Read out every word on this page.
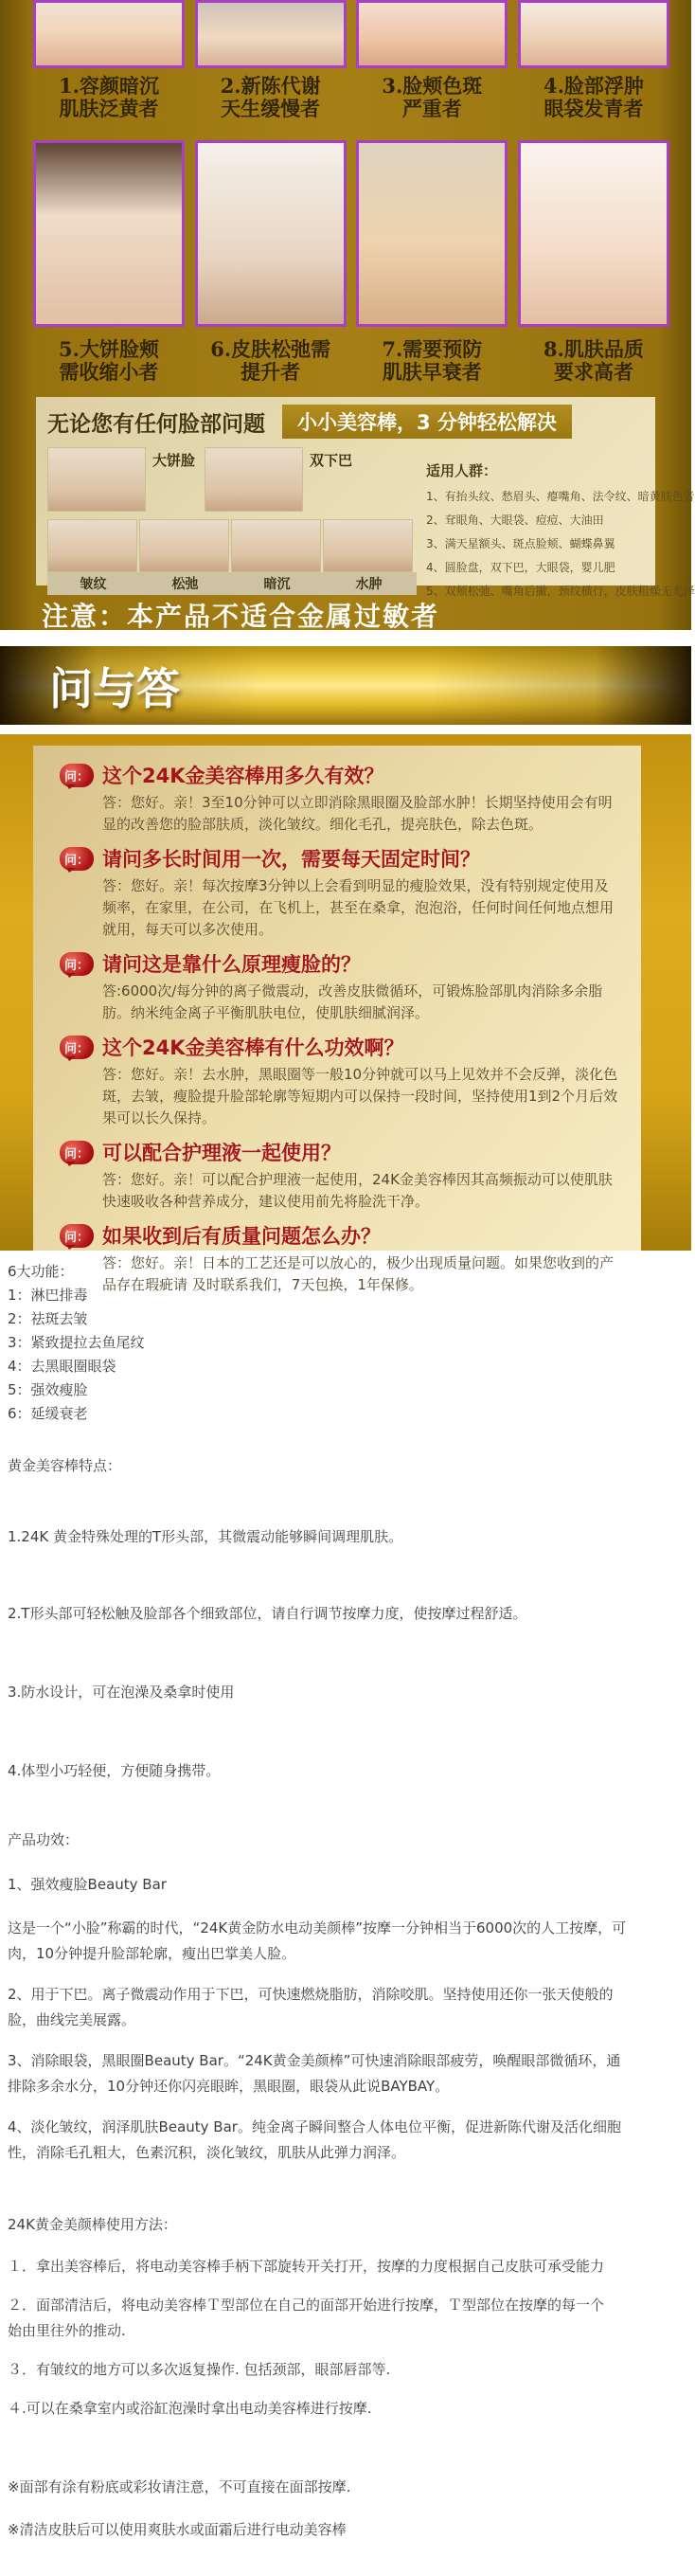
1.容颜暗沉
肌肤泛黄者
2.新陈代谢
天生缓慢者
3.脸颊色斑
严重者
4.脸部浮肿
眼袋发青者
5.大饼脸颊
需收缩小者
6.皮肤松弛需
提升者
7.需要预防
肌肤早衰者
8.肌肤品质
要求高者
无论您有任何脸部问题	小小美容棒，3 分钟轻松解决
大饼脸	双下巴
皱纹	松弛	暗沉	水肿
适用人群：
1、有抬头纹、愁眉头、瘪嘴角、法令纹、暗黄肤色者
2、耷眼角、大眼袋、痘痘、大油田
3、满天星额头、斑点脸颊、蝴蝶鼻翼
4、圆脸盘，双下巴，大眼袋，婴儿肥
5、双颊松弛、嘴角后撇，颈纹横行，皮肤粗燥无光泽
注意：本产品不适合金属过敏者
问与答
问： 这个24K金美容棒用多久有效？
答：您好。亲！3至10分钟可以立即消除黑眼圈及脸部水肿！长期坚持使用会有明显的改善您的脸部肤质，淡化皱纹。细化毛孔，提亮肤色，除去色斑。
问： 请问多长时间用一次，需要每天固定时间？
答：您好。亲！每次按摩3分钟以上会看到明显的瘦脸效果，没有特别规定使用及频率，在家里，在公司，在飞机上，甚至在桑拿，泡泡浴，任何时间任何地点想用就用，每天可以多次使用。
问： 请问这是靠什么原理瘦脸的？
答:6000次/每分钟的离子微震动，改善皮肤微循环，可锻炼脸部肌肉消除多余脂肪。纳米纯金离子平衡肌肤电位，使肌肤细腻润泽。
问： 这个24K金美容棒有什么功效啊？
答：您好。亲！去水肿，黑眼圈等一般10分钟就可以马上见效并不会反弹，淡化色斑，去皱，瘦脸提升脸部轮廓等短期内可以保持一段时间，坚持使用1到2个月后效果可以长久保持。
问： 可以配合护理液一起使用？
答：您好。亲！可以配合护理液一起使用，24K金美容棒因其高频振动可以使肌肤快速吸收各种营养成分，建议使用前先将脸洗干净。
问： 如果收到后有质量问题怎么办？
答：您好。亲！日本的工艺还是可以放心的，极少出现质量问题。如果您收到的产品存在瑕疵请 及时联系我们，7天包换，1年保修。
6大功能：
1：淋巴排毒
2：祛斑去皱
3：紧致提拉去鱼尾纹
4：去黑眼圈眼袋
5：强效瘦脸
6：延缓衰老
黄金美容棒特点：
1.24K 黄金特殊处理的T形头部，其微震动能够瞬间调理肌肤。
2.T形头部可轻松触及脸部各个细致部位，请自行调节按摩力度，使按摩过程舒适。
3.防水设计，可在泡澡及桑拿时使用
4.体型小巧轻便，方便随身携带。
产品功效：
1、强效瘦脸Beauty Bar
这是一个“小脸”称霸的时代，“24K黄金防水电动美颜棒”按摩一分钟相当于6000次的人工按摩，可
肉，10分钟提升脸部轮廓，瘦出巴掌美人脸。
2、用于下巴。离子微震动作用于下巴，可快速燃烧脂肪，消除咬肌。坚持使用还你一张天使般的
脸，曲线完美展露。
3、消除眼袋，黑眼圈Beauty Bar。“24K黄金美颜棒”可快速消除眼部疲劳，唤醒眼部微循环，通
排除多余水分，10分钟还你闪亮眼眸，黑眼圈，眼袋从此说BAYBAY。
4、淡化皱纹，润泽肌肤Beauty Bar。纯金离子瞬间整合人体电位平衡，促进新陈代谢及活化细胞
性，消除毛孔粗大，色素沉积，淡化皱纹，肌肤从此弹力润泽。
24K黄金美颜棒使用方法：
１．拿出美容棒后，将电动美容棒手柄下部旋转开关打开，按摩的力度根据自己皮肤可承受能力
２．面部清洁后，将电动美容棒Ｔ型部位在自己的面部开始进行按摩，Ｔ型部位在按摩的每一个
始由里往外的推动.
３．有皱纹的地方可以多次返复操作. 包括颈部，眼部唇部等.
４.可以在桑拿室内或浴缸泡澡时拿出电动美容棒进行按摩.
※面部有涂有粉底或彩妆请注意，不可直接在面部按摩.
※清洁皮肤后可以使用爽肤水或面霜后进行电动美容棒
